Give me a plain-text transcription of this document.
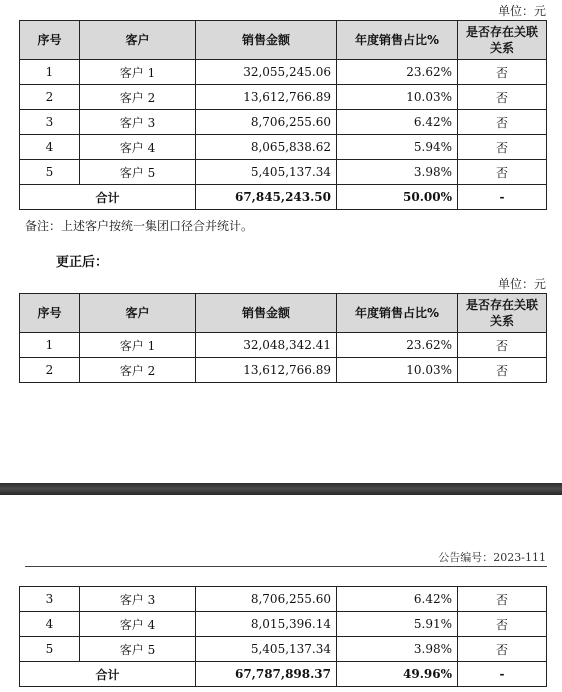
单位：元
序号	客户	销售金额	年度销售占比%	是否存在关联关系
1	客户 1	32,055,245.06	23.62%	否
2	客户 2	13,612,766.89	10.03%	否
3	客户 3	8,706,255.60	6.42%	否
4	客户 4	8,065,838.62	5.94%	否
5	客户 5	5,405,137.34	3.98%	否
合计		67,845,243.50	50.00%	-
备注：上述客户按统一集团口径合并统计。
更正后：
单位：元
序号	客户	销售金额	年度销售占比%	是否存在关联关系
1	客户 1	32,048,342.41	23.62%	否
2	客户 2	13,612,766.89	10.03%	否
公告编号：2023-111
3	客户 3	8,706,255.60	6.42%	否
4	客户 4	8,015,396.14	5.91%	否
5	客户 5	5,405,137.34	3.98%	否
合计		67,787,898.37	49.96%	-
